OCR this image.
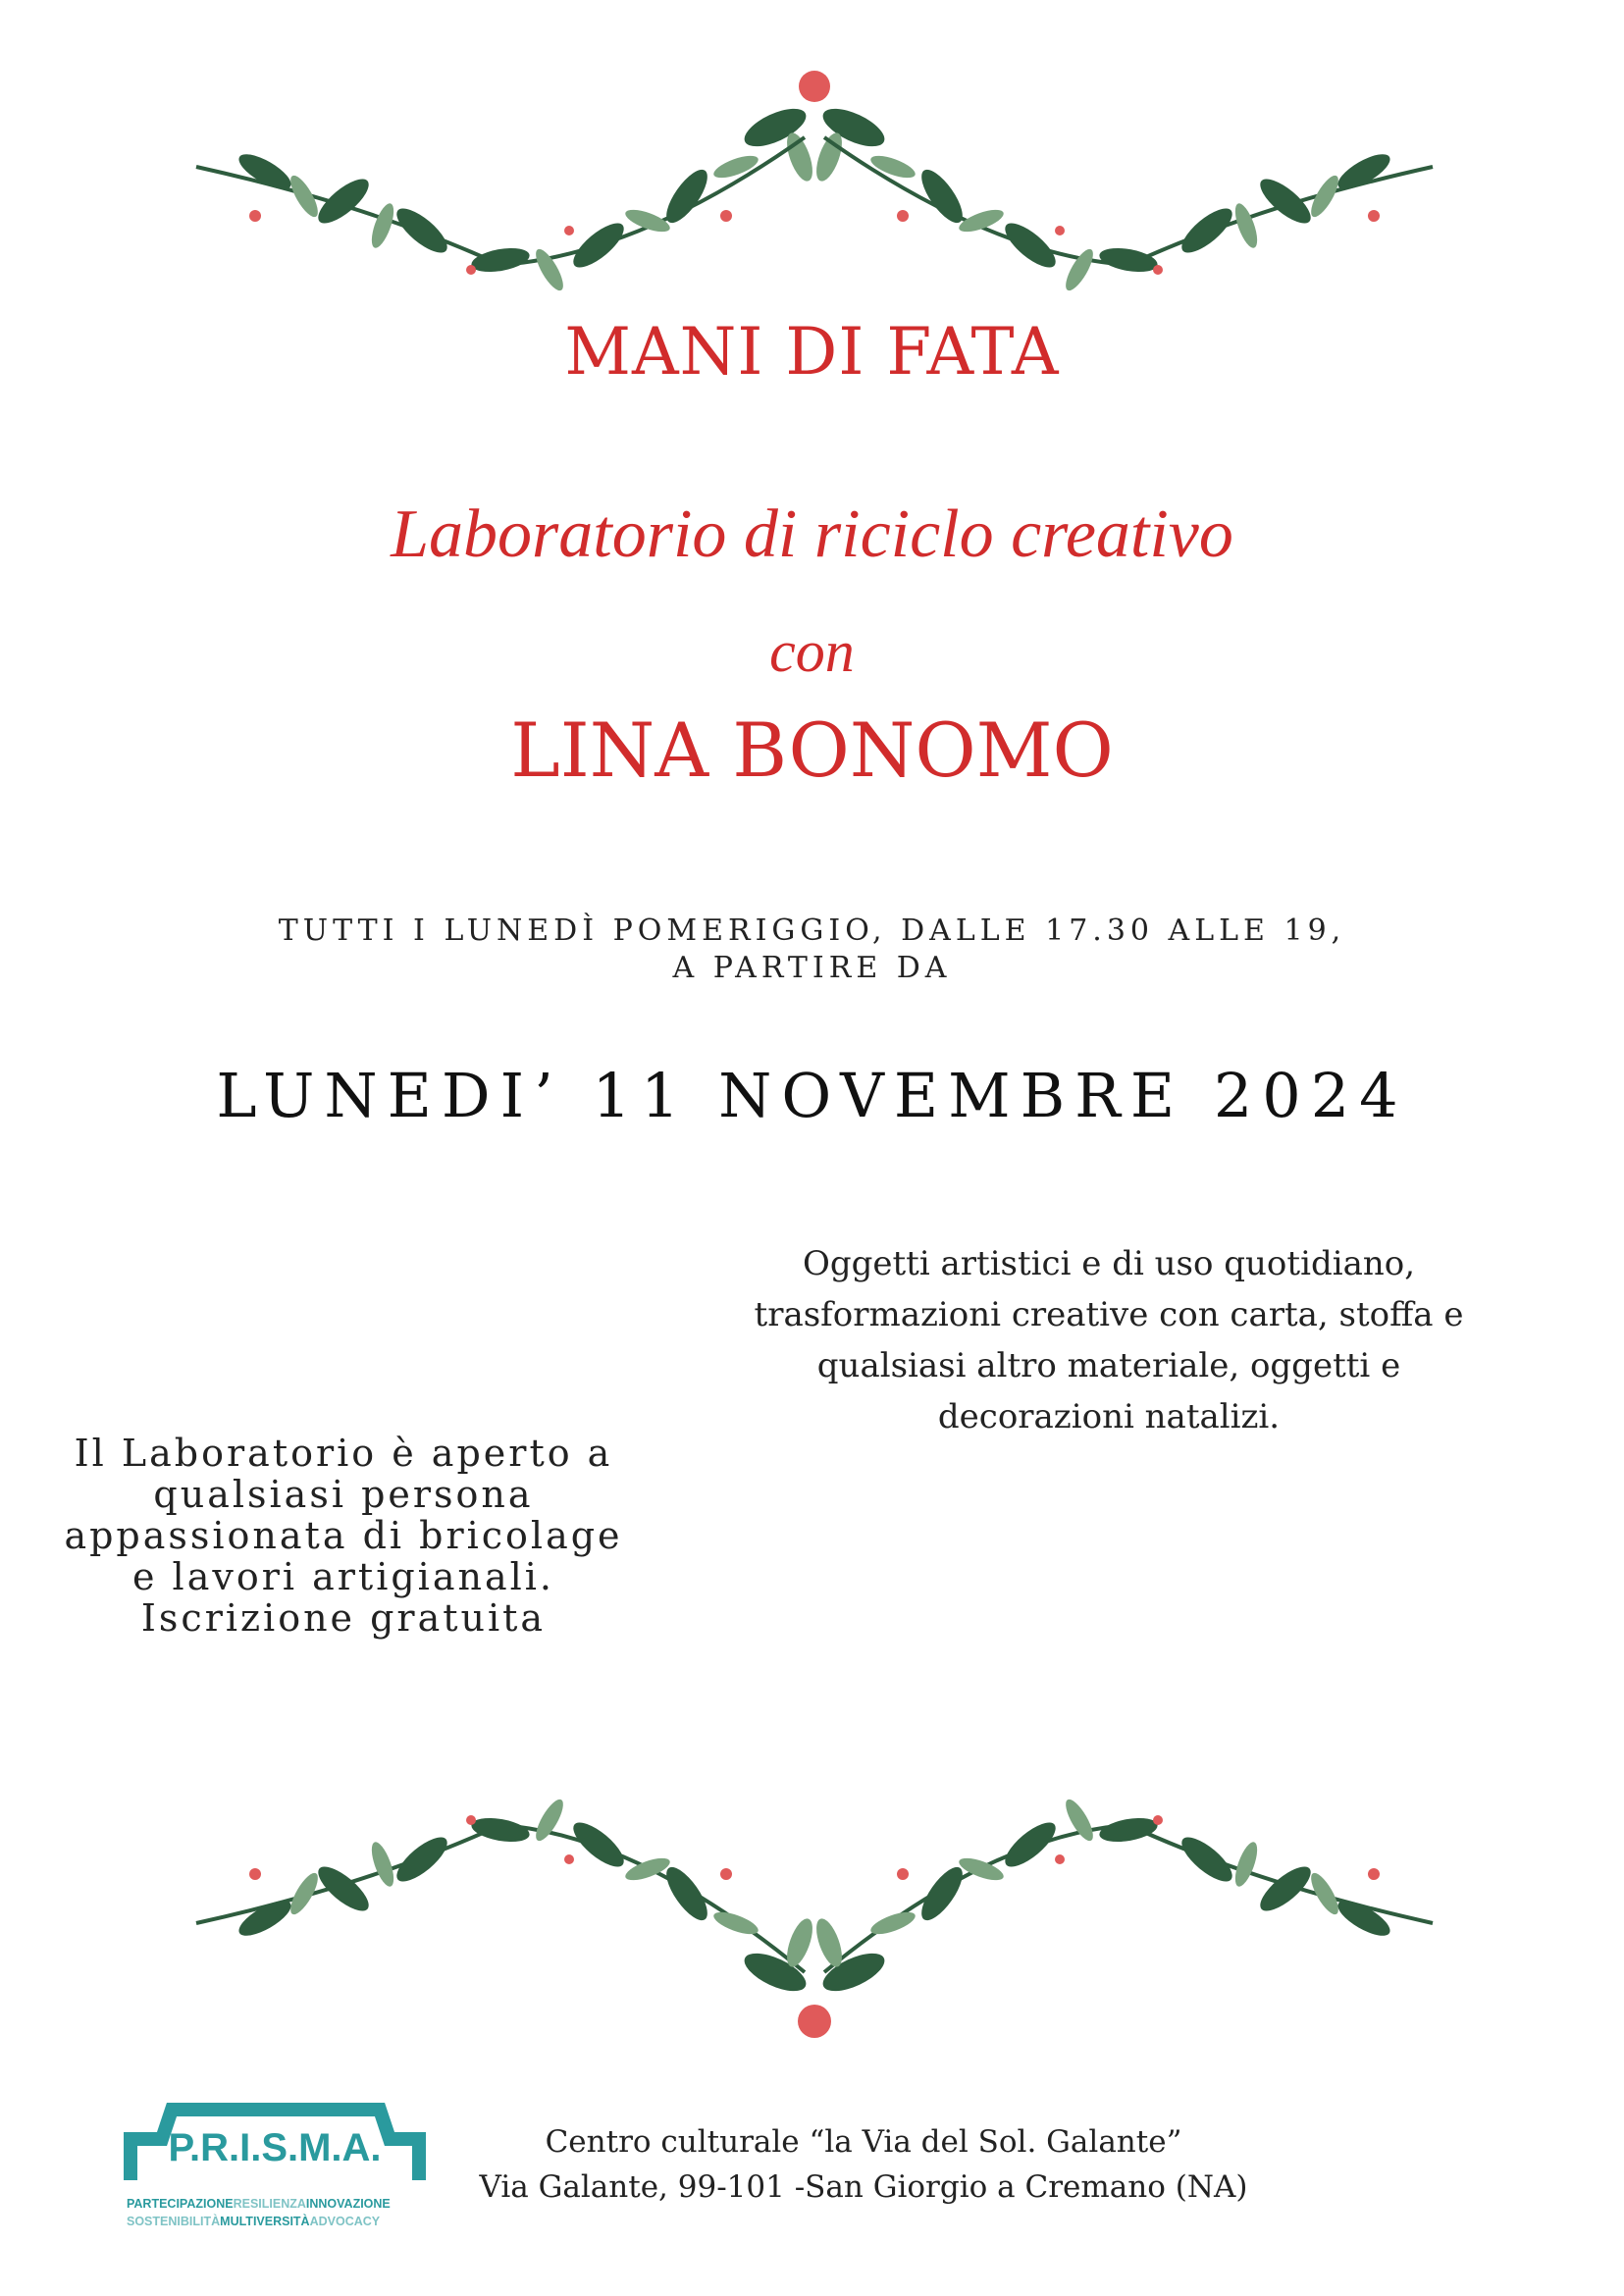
MANI DI FATA
Laboratorio di riciclo creativo
con
LINA BONOMO
TUTTI I LUNEDÌ POMERIGGIO, DALLE 17.30 ALLE 19,
A PARTIRE DA
LUNEDI’ 11 NOVEMBRE 2024
Oggetti artistici e di uso quotidiano,
trasformazioni creative con carta, stoffa e
qualsiasi altro materiale, oggetti e
decorazioni natalizi.
Il Laboratorio è aperto a
qualsiasi persona
appassionata di bricolage
e lavori artigianali.
Iscrizione gratuita
P.R.I.S.M.A.
PARTECIPAZIONERESILIENZAINNOVAZIONE
SOSTENIBILITÀMULTIVERSITÀADVOCACY
Centro culturale “la Via del Sol. Galante”
Via Galante, 99-101 -San Giorgio a Cremano (NA)
